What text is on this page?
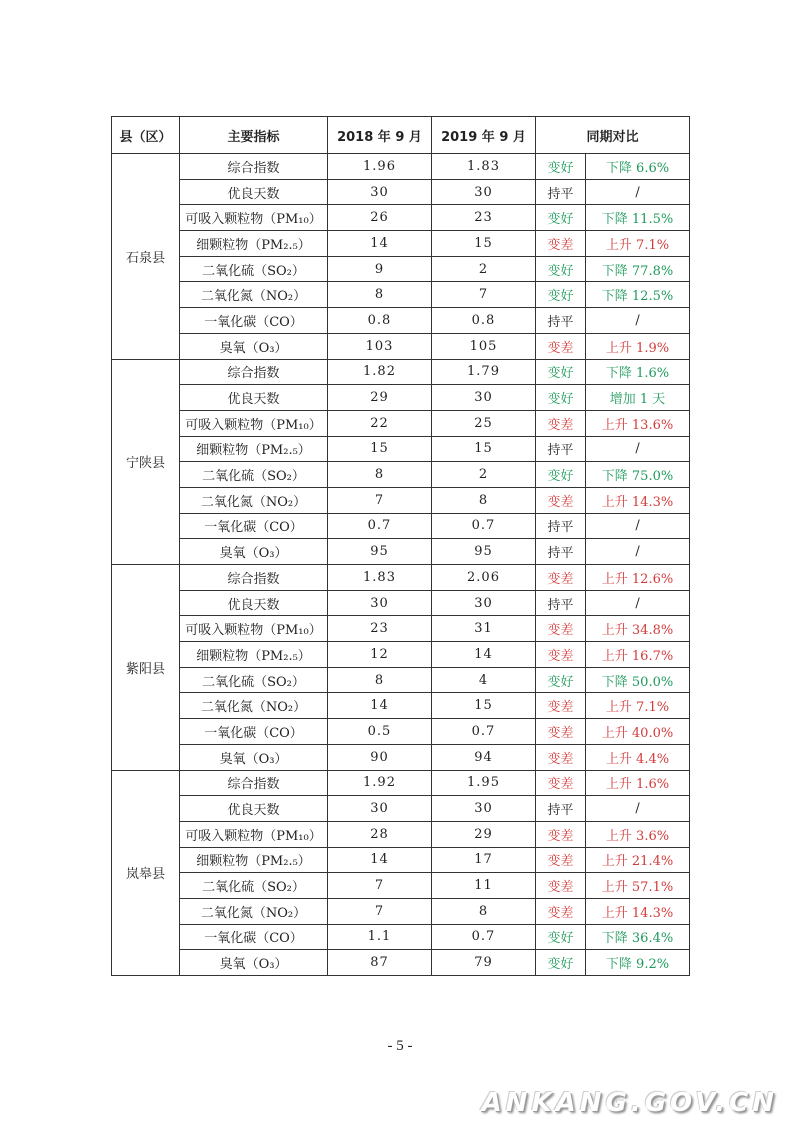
县（区）	主要指标	2018 年 9 月	2019 年 9 月	同期对比	
石泉县	综合指数	1.96	1.83	变好	下降 6.6%
	优良天数	30	30	持平	/
	可吸入颗粒物（PM₁₀）	26	23	变好	下降 11.5%
	细颗粒物（PM₂.₅）	14	15	变差	上升 7.1%
	二氧化硫（SO₂）	9	2	变好	下降 77.8%
	二氧化氮（NO₂）	8	7	变好	下降 12.5%
	一氧化碳（CO）	0.8	0.8	持平	/
	臭氧（O₃）	103	105	变差	上升 1.9%
宁陕县	综合指数	1.82	1.79	变好	下降 1.6%
	优良天数	29	30	变好	增加 1 天
	可吸入颗粒物（PM₁₀）	22	25	变差	上升 13.6%
	细颗粒物（PM₂.₅）	15	15	持平	/
	二氧化硫（SO₂）	8	2	变好	下降 75.0%
	二氧化氮（NO₂）	7	8	变差	上升 14.3%
	一氧化碳（CO）	0.7	0.7	持平	/
	臭氧（O₃）	95	95	持平	/
紫阳县	综合指数	1.83	2.06	变差	上升 12.6%
	优良天数	30	30	持平	/
	可吸入颗粒物（PM₁₀）	23	31	变差	上升 34.8%
	细颗粒物（PM₂.₅）	12	14	变差	上升 16.7%
	二氧化硫（SO₂）	8	4	变好	下降 50.0%
	二氧化氮（NO₂）	14	15	变差	上升 7.1%
	一氧化碳（CO）	0.5	0.7	变差	上升 40.0%
	臭氧（O₃）	90	94	变差	上升 4.4%
岚皋县	综合指数	1.92	1.95	变差	上升 1.6%
	优良天数	30	30	持平	/
	可吸入颗粒物（PM₁₀）	28	29	变差	上升 3.6%
	细颗粒物（PM₂.₅）	14	17	变差	上升 21.4%
	二氧化硫（SO₂）	7	11	变差	上升 57.1%
	二氧化氮（NO₂）	7	8	变差	上升 14.3%
	一氧化碳（CO）	1.1	0.7	变好	下降 36.4%
	臭氧（O₃）	87	79	变好	下降 9.2%
- 5 -
ANKANG.GOV.CN
